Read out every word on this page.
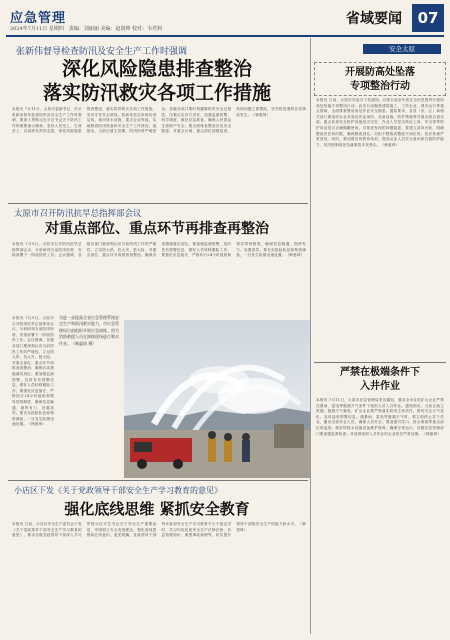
应急管理
2024年7月11日 星期四　责编：刘丽丽 美编：赵润坤 校对：韦君莉
省域要闻	07
张新伟督导检查防汛及安全生产工作时强调
深化风险隐患排查整治
落实防汛救灾各项工作措施
本报讯 7月11日，太原市委副书记、市长张新伟督导检查防汛及安全生产工作时强调，要深入贯彻习近平总书记关于防汛工作的重要指示精神，坚持人民至上、生命至上，以高度负责的态度，深化风险隐患排查整治，落实防汛救灾各项工作措施，坚决守住安全底线。张新伟先后来到汾河沿线、城市排水设施、重点企业等地，实地察看防汛准备和安全生产工作情况。他指出，当前正值主汛期，防汛形势严峻复杂，各级各部门要时刻绷紧防汛安全这根弦，压紧压实各方责任，加强监测预警，科学调度，做好应急准备，确保人民群众生命财产安全。要全面排查整治各类安全隐患，对重点区域、重点部位加强巡查，发现问题立即整改，坚决防范遏制各类事故发生。（韩惠琦）
太原市召开防汛抗旱总指挥部会议
对重点部位、重点环节再排查再整治
本报讯 7月9日，太原市召开防汛抗旱总指挥部会议，分析研判当前防汛形势，安排部署下一阶段防汛工作。会议强调，各级各部门要深刻认识当前防汛工作的严峻性，立足防大汛、抗大灾、抢大险，对重点部位、重点环节再排查再整治，确保各项措施落实到位。要加强监测预警，及时发布预警信息，做好人员转移避险工作。要强化应急值守，严格执行24小时值班和领导带班制度，确保信息畅通、指挥有力、处置高效。要充实抢险队伍和物资储备，一旦发生险情迅速处置。（韩惠琦）
本报讯 7月9日，太原市召开防汛抗旱总指挥部会议，分析研判当前防汛形势，安排部署下一阶段防汛工作。会议强调，各级各部门要深刻认识当前防汛工作的严峻性，立足防大汛、抗大灾、抢大险，对重点部位、重点环节再排查再整治，确保各项措施落实到位。要加强监测预警，及时发布预警信息，做好人员转移避险工作。要强化应急值守，严格执行24小时值班和领导带班制度，确保信息畅通、指挥有力、处置高效。要充实抢险队伍和物资储备，一旦发生险情迅速处置。（韩惠琦）
为进一步提高全省应急管理系统安全生产和防汛救灾能力，市应急管理局日前组织开展应急演练。图为消防救援人员在演练现场进行喷水作业。（韩惠琦 摄）
小店区下发《关于党政领导干部安全生产学习教育的意见》
强化底线思维 紧抓安全教育
本报讯 日前，小店区安全生产委员会下发《关于党政领导干部安全生产学习教育的意见》，要求各级党政领导干部深入学习贯彻习近平总书记关于安全生产重要论述，牢固树立安全发展理念，强化底线思维和红线意识。意见明确，党政领导干部每年参加安全生产学习教育不少于规定学时，学习内容包括安全生产法律法规、应急管理知识、典型事故案例等，切实提升领导干部抓安全生产的能力和水平。（韩惠琦）
安全太原
开展防高处坠落
专项整治行动
本报讯 日前，太原市安委办下发通知，自即日起至年底在全市范围内开展防高处坠落专项整治行动。此次行动聚焦建筑施工、工贸企业、城市运行等重点领域，全面排查整治高处作业安全隐患。通知要求，各县（市、区）和相关部门要组织企业对高处作业场所、设备设施、防护措施等开展全面自查自改，重点检查安全防护设施是否完好、作业人员是否持证上岗、安全带等防护用品是否正确佩戴使用。对排查发现的问题隐患，要建立清单台账，明确整改责任和时限，确保整改到位。对拒不整改或整改不到位的，依法依规严肃查处。同时，要加强宣传教育培训，提高从业人员安全意识和自我防护能力，坚决遏制高处坠落事故多发势头。（韩惠琦）
严禁在极端条件下
入井作业
本报讯 7月11日，太原市应急管理局发出通知，要求全市各类矿山企业严禁在暴雨、雷电等极端天气条件下组织人员入井作业。通知指出，当前正值主汛期，极端天气频发，矿山企业要严格落实防汛主体责任，密切关注天气变化，及时接收预警信息。遇暴雨、雷电等极端天气时，要立即停止井下作业，撤出全部作业人员，确保人员安全。要加强对井口、排水系统等重点部位的巡查，做好防排水设施设备维护保养，确保正常运行。各级应急管理部门要加强监督检查，对违规组织入井作业的企业依法严肃处理。（韩惠琦）
